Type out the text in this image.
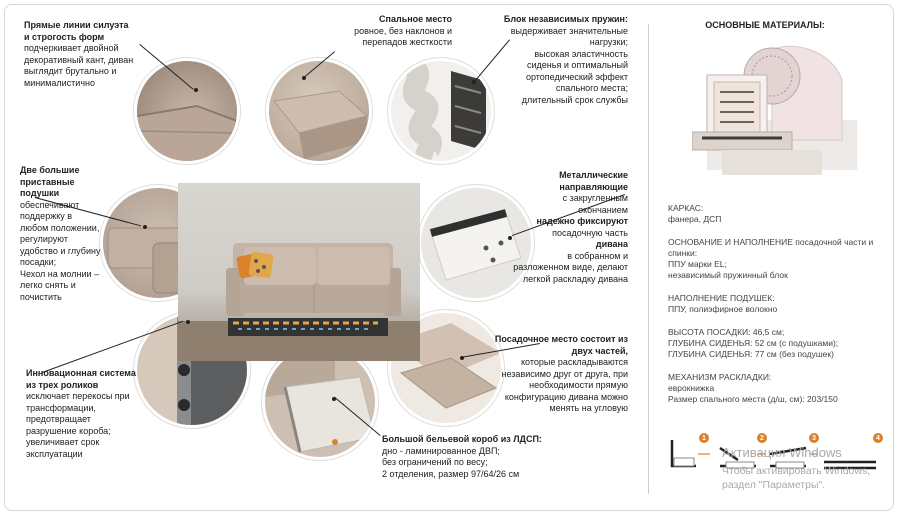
Прямые линии силуэта и строгость форм
подчеркивает двойной декоративный кант, диван выглядит брутально и минималистично
Спальное место
ровное, без наклонов и перепадов жесткости
Блок независимых пружин:
выдерживает значительные нагрузки;
высокая эластичность сиденья и оптимальный ортопедический эффект спального места;
длительный срок службы
Две большие приставные подушки
обеспечивают поддержку в любом положении, регулируют удобство и глубину посадки;
Чехол на молнии – легко снять и почистить
Металлические направляющие
с закругленным окончанием
надежно фиксируют
посадочную часть
дивана
в собранном и разложенном виде, делают легкой раскладку дивана
Инновационная система из трех роликов
исключает перекосы при трансформации, предотвращает разрушение короба; увеличивает срок эксплуатации
Посадочное место состоит из двух частей,
которые раскладываются независимо друг от друга, при необходимости прямую конфигурацию дивана можно менять на угловую
Большой бельевой короб из ЛДСП:
дно - ламинированное ДВП;
без ограничений по весу;
2 отделения, размер 97/64/26 см
ОСНОВНЫЕ МАТЕРИАЛЫ:
КАРКАС:
фанера, ДСП
ОСНОВАНИЕ И НАПОЛНЕНИЕ посадочной части и спинки:
ППУ марки EL;
независимый пружинный блок
НАПОЛНЕНИЕ ПОДУШЕК:
ППУ, полиэфирное волокно
ВЫСОТА ПОСАДКИ: 46,5 см;
ГЛУБИНА СИДЕНЬЯ: 52 см (с подушками);
ГЛУБИНА СИДЕНЬЯ: 77 см (без подушек)
МЕХАНИЗМ РАСКЛАДКИ:
еврокнижка
Размер спального места (д/ш, см): 203/150
1	2	3	4
Активация Windows
Чтобы активировать Windows,
раздел "Параметры".
